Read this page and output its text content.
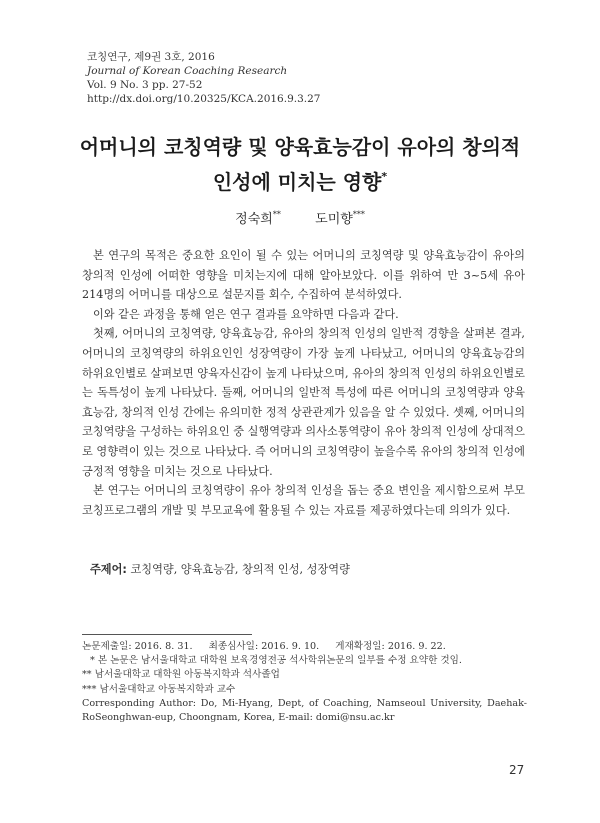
코칭연구, 제9권 3호, 2016
Journal of Korean Coaching Research
Vol. 9 No. 3 pp. 27-52
http://dx.doi.org/10.20325/KCA.2016.9.3.27
어머니의 코칭역량 및 양육효능감이 유아의 창의적
인성에 미치는 영향*
정숙희**	도미향***

본 연구의 목적은 중요한 요인이 될 수 있는 어머니의 코칭역량 및 양육효능감이 유아의 창의적 인성에 어떠한 영향을 미치는지에 대해 알아보았다. 이를 위하여 만 3~5세 유아 214명의 어머니를 대상으로 설문지를 회수, 수집하여 분석하였다.

이와 같은 과정을 통해 얻은 연구 결과를 요약하면 다음과 같다.

첫째, 어머니의 코칭역량, 양육효능감, 유아의 창의적 인성의 일반적 경향을 살펴본 결과, 어머니의 코칭역량의 하위요인인 성장역량이 가장 높게 나타났고, 어머니의 양육효능감의 하위요인별로 살펴보면 양육자신감이 높게 나타났으며, 유아의 창의적 인성의 하위요인별로는 독특성이 높게 나타났다. 둘째, 어머니의 일반적 특성에 따른 어머니의 코칭역량과 양육효능감, 창의적 인성 간에는 유의미한 정적 상관관계가 있음을 알 수 있었다. 셋째, 어머니의 코칭역량을 구성하는 하위요인 중 실행역량과 의사소통역량이 유아 창의적 인성에 상대적으로 영향력이 있는 것으로 나타났다. 즉 어머니의 코칭역량이 높을수록 유아의 창의적 인성에 긍정적 영향을 미치는 것으로 나타났다.

본 연구는 어머니의 코칭역량이 유아 창의적 인성을 돕는 중요 변인을 제시함으로써 부모코칭프로그램의 개발 및 부모교육에 활용될 수 있는 자료를 제공하였다는데 의의가 있다.

주제어: 코칭역량, 양육효능감, 창의적 인성, 성장역량
논문제출일: 2016. 8. 31. 최종심사일: 2016. 9. 10. 게재확정일: 2016. 9. 22.
* 본 논문은 남서울대학교 대학원 보육경영전공 석사학위논문의 일부를 수정 요약한 것임.
** 남서울대학교 대학원 아동복지학과 석사졸업
*** 남서울대학교 아동복지학과 교수
Corresponding Author: Do, Mi-Hyang, Dept, of Coaching, Namseoul University, Daehak-RoSeonghwan-eup, Choongnam, Korea, E-mail: domi@nsu.ac.kr
27
